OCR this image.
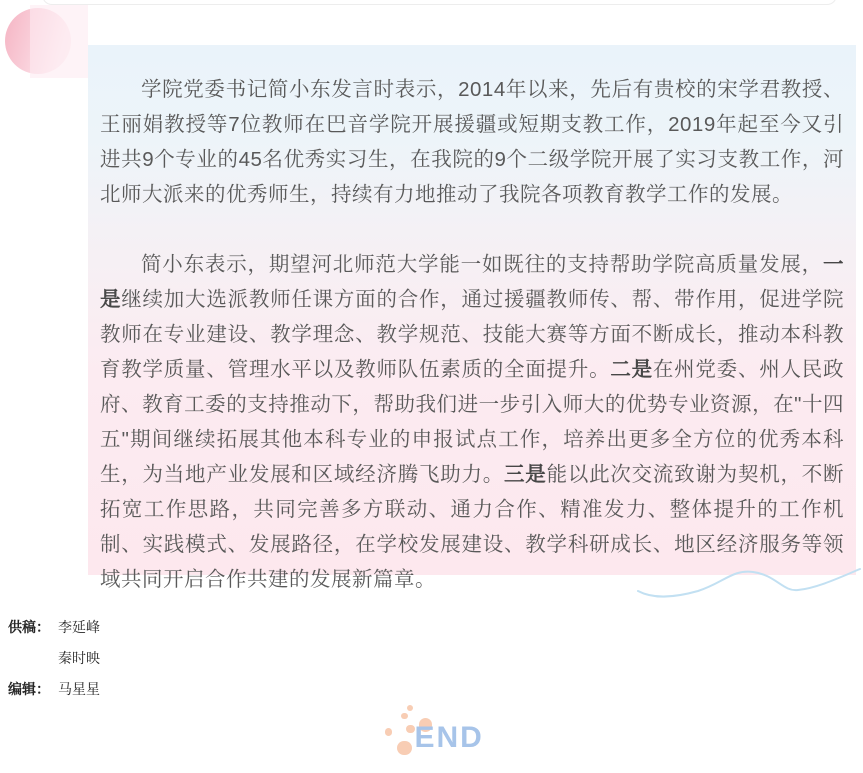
学院党委书记简小东发言时表示，2014年以来，先后有贵校的宋学君教授、王丽娟教授等7位教师在巴音学院开展援疆或短期支教工作，2019年起至今又引进共9个专业的45名优秀实习生，在我院的9个二级学院开展了实习支教工作，河北师大派来的优秀师生，持续有力地推动了我院各项教育教学工作的发展。

简小东表示，期望河北师范大学能一如既往的支持帮助学院高质量发展，一是继续加大选派教师任课方面的合作，通过援疆教师传、帮、带作用，促进学院教师在专业建设、教学理念、教学规范、技能大赛等方面不断成长，推动本科教育教学质量、管理水平以及教师队伍素质的全面提升。二是在州党委、州人民政府、教育工委的支持推动下，帮助我们进一步引入师大的优势专业资源，在"十四五"期间继续拓展其他本科专业的申报试点工作，培养出更多全方位的优秀本科生，为当地产业发展和区域经济腾飞助力。三是能以此次交流致谢为契机，不断拓宽工作思路，共同完善多方联动、通力合作、精准发力、整体提升的工作机制、实践模式、发展路径，在学校发展建设、教学科研成长、地区经济服务等领域共同开启合作共建的发展新篇章。

供稿： 李延峰
秦时映
编辑： 马星星
END
